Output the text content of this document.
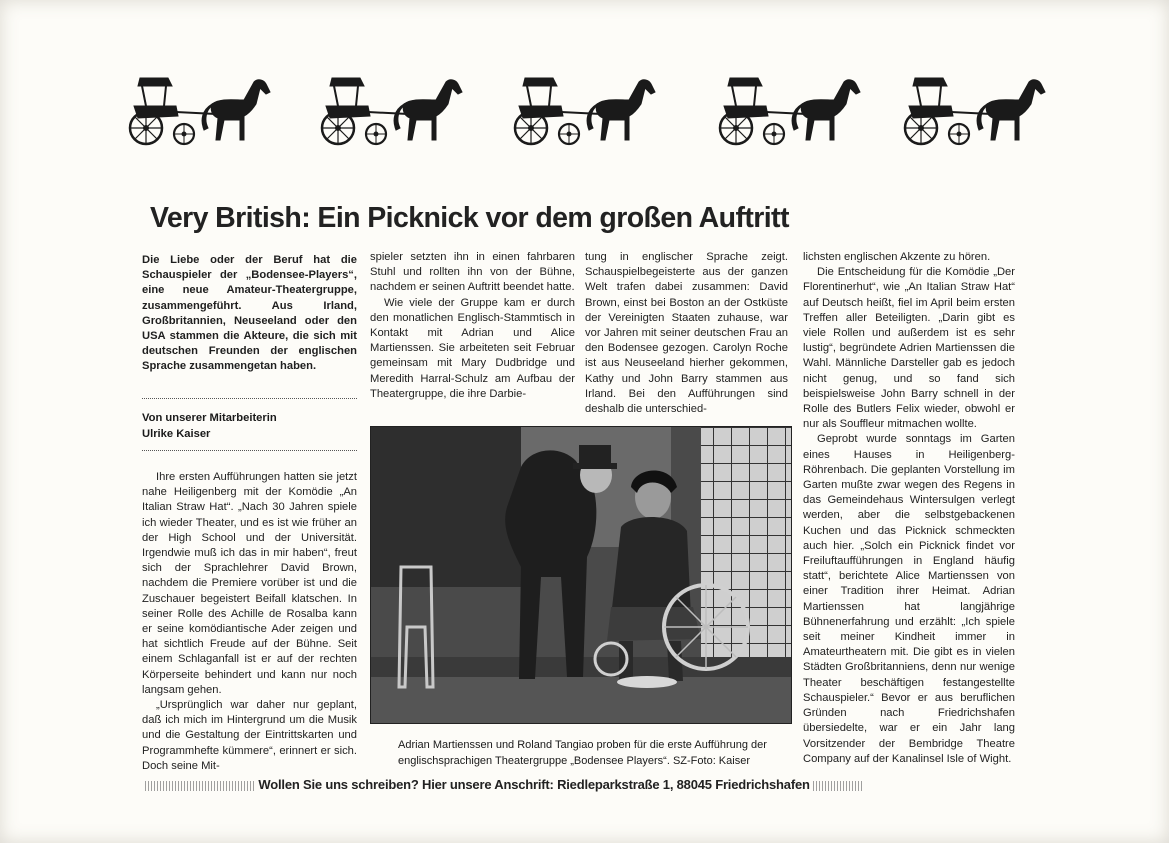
Very British: Ein Picknick vor dem großen Auftritt

Die Liebe oder der Beruf hat die Schauspieler der „Bodensee-Players“, eine neue Amateur-Theatergruppe, zusammengeführt. Aus Irland, Großbritannien, Neuseeland oder den USA stammen die Akteure, die sich mit deutschen Freunden der englischen Sprache zusammengetan haben.

Von unserer Mitarbeiterin
Ulrike Kaiser

Ihre ersten Aufführungen hatten sie jetzt nahe Heiligenberg mit der Komödie „An Italian Straw Hat“. „Nach 30 Jahren spiele ich wieder Theater, und es ist wie früher an der High School und der Universität. Irgendwie muß ich das in mir haben“, freut sich der Sprachlehrer David Brown, nachdem die Premiere vorüber ist und die Zuschauer begeistert Beifall klatschen. In seiner Rolle des Achille de Rosalba kann er seine komödiantische Ader zeigen und hat sichtlich Freude auf der Bühne. Seit einem Schlaganfall ist er auf der rechten Körperseite behindert und kann nur noch langsam gehen.

„Ursprünglich war daher nur geplant, daß ich mich im Hintergrund um die Musik und die Gestaltung der Eintrittskarten und Programmhefte kümmere“, erinnert er sich. Doch seine Mit-

spieler setzten ihn in einen fahrbaren Stuhl und rollten ihn von der Bühne, nachdem er seinen Auftritt beendet hatte.

Wie viele der Gruppe kam er durch den monatlichen Englisch-Stammtisch in Kontakt mit Adrian und Alice Martienssen. Sie arbeiteten seit Februar gemeinsam mit Mary Dudbridge und Meredith Harral-Schulz am Aufbau der Theatergruppe, die ihre Darbie-

tung in englischer Sprache zeigt. Schauspielbegeisterte aus der ganzen Welt trafen dabei zusammen: David Brown, einst bei Boston an der Ostküste der Vereinigten Staaten zuhause, war vor Jahren mit seiner deutschen Frau an den Bodensee gezogen. Carolyn Roche ist aus Neuseeland hierher gekommen, Kathy und John Barry stammen aus Irland. Bei den Aufführungen sind deshalb die unterschied-

lichsten englischen Akzente zu hören.

Die Entscheidung für die Komödie „Der Florentinerhut“, wie „An Italian Straw Hat“ auf Deutsch heißt, fiel im April beim ersten Treffen aller Beteiligten. „Darin gibt es viele Rollen und außerdem ist es sehr lustig“, begründete Adrien Martienssen die Wahl. Männliche Darsteller gab es jedoch nicht genug, und so fand sich beispielsweise John Barry schnell in der Rolle des Butlers Felix wieder, obwohl er nur als Souffleur mitmachen wollte.

Geprobt wurde sonntags im Garten eines Hauses in Heiligenberg-Röhrenbach. Die geplanten Vorstellung im Garten mußte zwar wegen des Regens in das Gemeindehaus Wintersulgen verlegt werden, aber die selbstgebackenen Kuchen und das Picknick schmeckten auch hier. „Solch ein Picknick findet vor Freiluftaufführungen in England häufig statt“, berichtete Alice Martienssen von einer Tradition ihrer Heimat. Adrian Martienssen hat langjährige Bühnenerfahrung und erzählt: „Ich spiele seit meiner Kindheit immer in Amateurtheatern mit. Die gibt es in vielen Städten Großbritanniens, denn nur wenige Theater beschäftigen festangestellte Schauspieler.“ Bevor er aus beruflichen Gründen nach Friedrichshafen übersiedelte, war er ein Jahr lang Vorsitzender der Bembridge Theatre Company auf der Kanalinsel Isle of Wight.

Adrian Martienssen und Roland Tangiao proben für die erste Aufführung der englischsprachigen Theatergruppe „Bodensee Players“. SZ-Foto: Kaiser
Wollen Sie uns schreiben? Hier unsere Anschrift: Riedleparkstraße 1, 88045 Friedrichshafen
